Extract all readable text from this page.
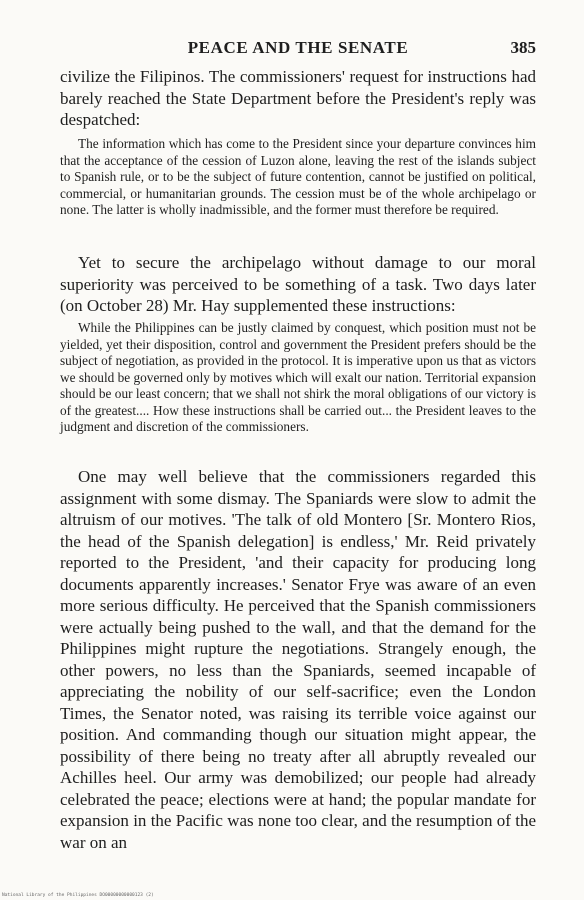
PEACE AND THE SENATE	385

civilize the Filipinos. The commissioners' request for instructions had barely reached the State Department before the President's reply was despatched:

The information which has come to the President since your departure convinces him that the acceptance of the cession of Luzon alone, leaving the rest of the islands subject to Spanish rule, or to be the subject of future contention, cannot be justified on political, commercial, or humanitarian grounds. The cession must be of the whole archipelago or none. The latter is wholly inadmissible, and the former must therefore be required.

Yet to secure the archipelago without damage to our moral superiority was perceived to be something of a task. Two days later (on October 28) Mr. Hay supplemented these instructions:

While the Philippines can be justly claimed by conquest, which position must not be yielded, yet their disposition, control and government the President prefers should be the subject of negotiation, as provided in the protocol. It is imperative upon us that as victors we should be governed only by motives which will exalt our nation. Territorial expansion should be our least concern; that we shall not shirk the moral obligations of our victory is of the greatest.... How these instructions shall be carried out... the President leaves to the judgment and discretion of the commissioners.

One may well believe that the commissioners regarded this assignment with some dismay. The Spaniards were slow to admit the altruism of our motives. 'The talk of old Montero [Sr. Montero Rios, the head of the Spanish delegation] is endless,' Mr. Reid privately reported to the President, 'and their capacity for producing long documents apparently increases.' Senator Frye was aware of an even more serious difficulty. He perceived that the Spanish commissioners were actually being pushed to the wall, and that the demand for the Philippines might rupture the negotiations. Strangely enough, the other powers, no less than the Spaniards, seemed incapable of appreciating the nobility of our self-sacrifice; even the London Times, the Senator noted, was raising its terrible voice against our position. And commanding though our situation might appear, the possibility of there being no treaty after all abruptly revealed our Achilles heel. Our army was demobilized; our people had already celebrated the peace; elections were at hand; the popular mandate for expansion in the Pacific was none too clear, and the resumption of the war on an

National Library of the Philippines DO00000000000123 (2)
